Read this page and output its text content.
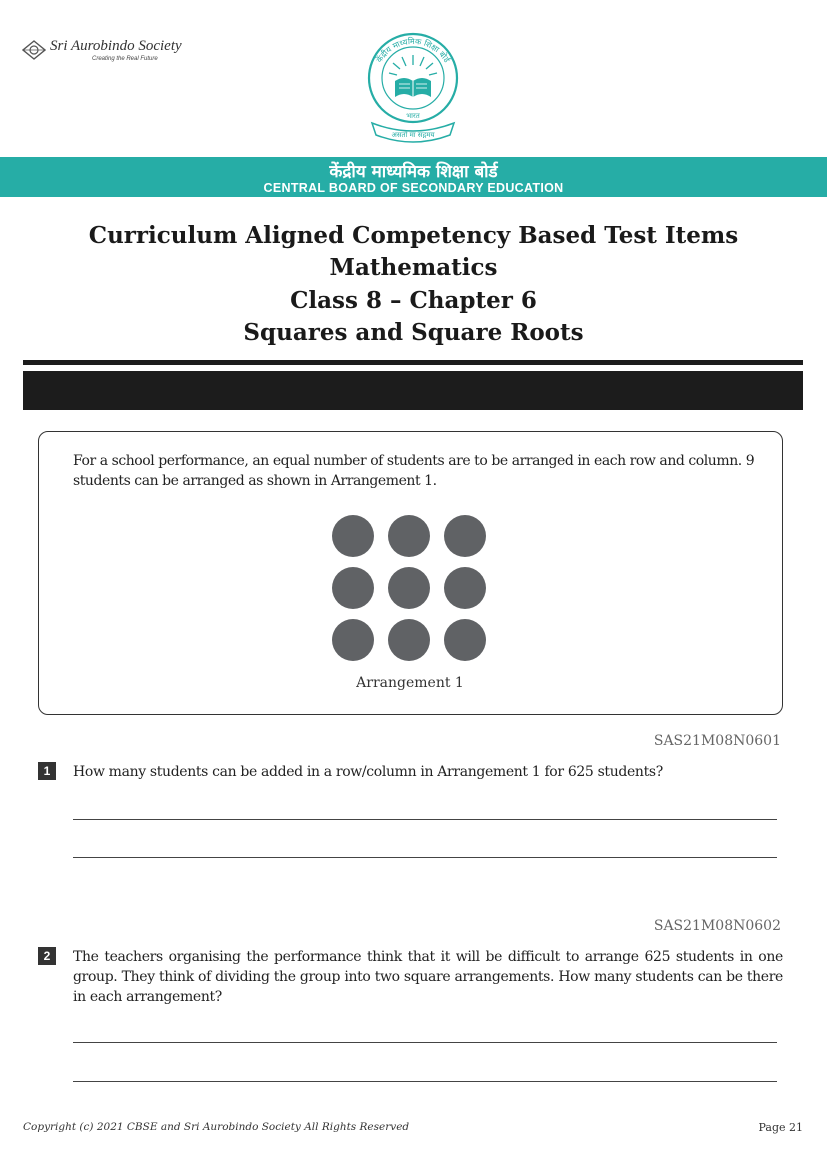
Sri Aurobindo Society
Creating the Real Future	केंद्रीय माध्यमिक शिक्षा बोर्ड
भारत
असतो मा सद्गमय
केंद्रीय माध्यमिक शिक्षा बोर्ड
CENTRAL BOARD OF SECONDARY EDUCATION
Curriculum Aligned Competency Based Test Items
Mathematics
Class 8 – Chapter 6
Squares and Square Roots
For a school performance, an equal number of students are to be arranged in each row and column. 9 students can be arranged as shown in Arrangement 1.
Arrangement 1
SAS21M08N0601
1	How many students can be added in a row/column in Arrangement 1 for 625 students?
SAS21M08N0602
2	The teachers organising the performance think that it will be difficult to arrange 625 students in one group. They think of dividing the group into two square arrangements. How many students can be there in each arrangement?
Copyright (c) 2021 CBSE and Sri Aurobindo Society All Rights Reserved	Page 21
